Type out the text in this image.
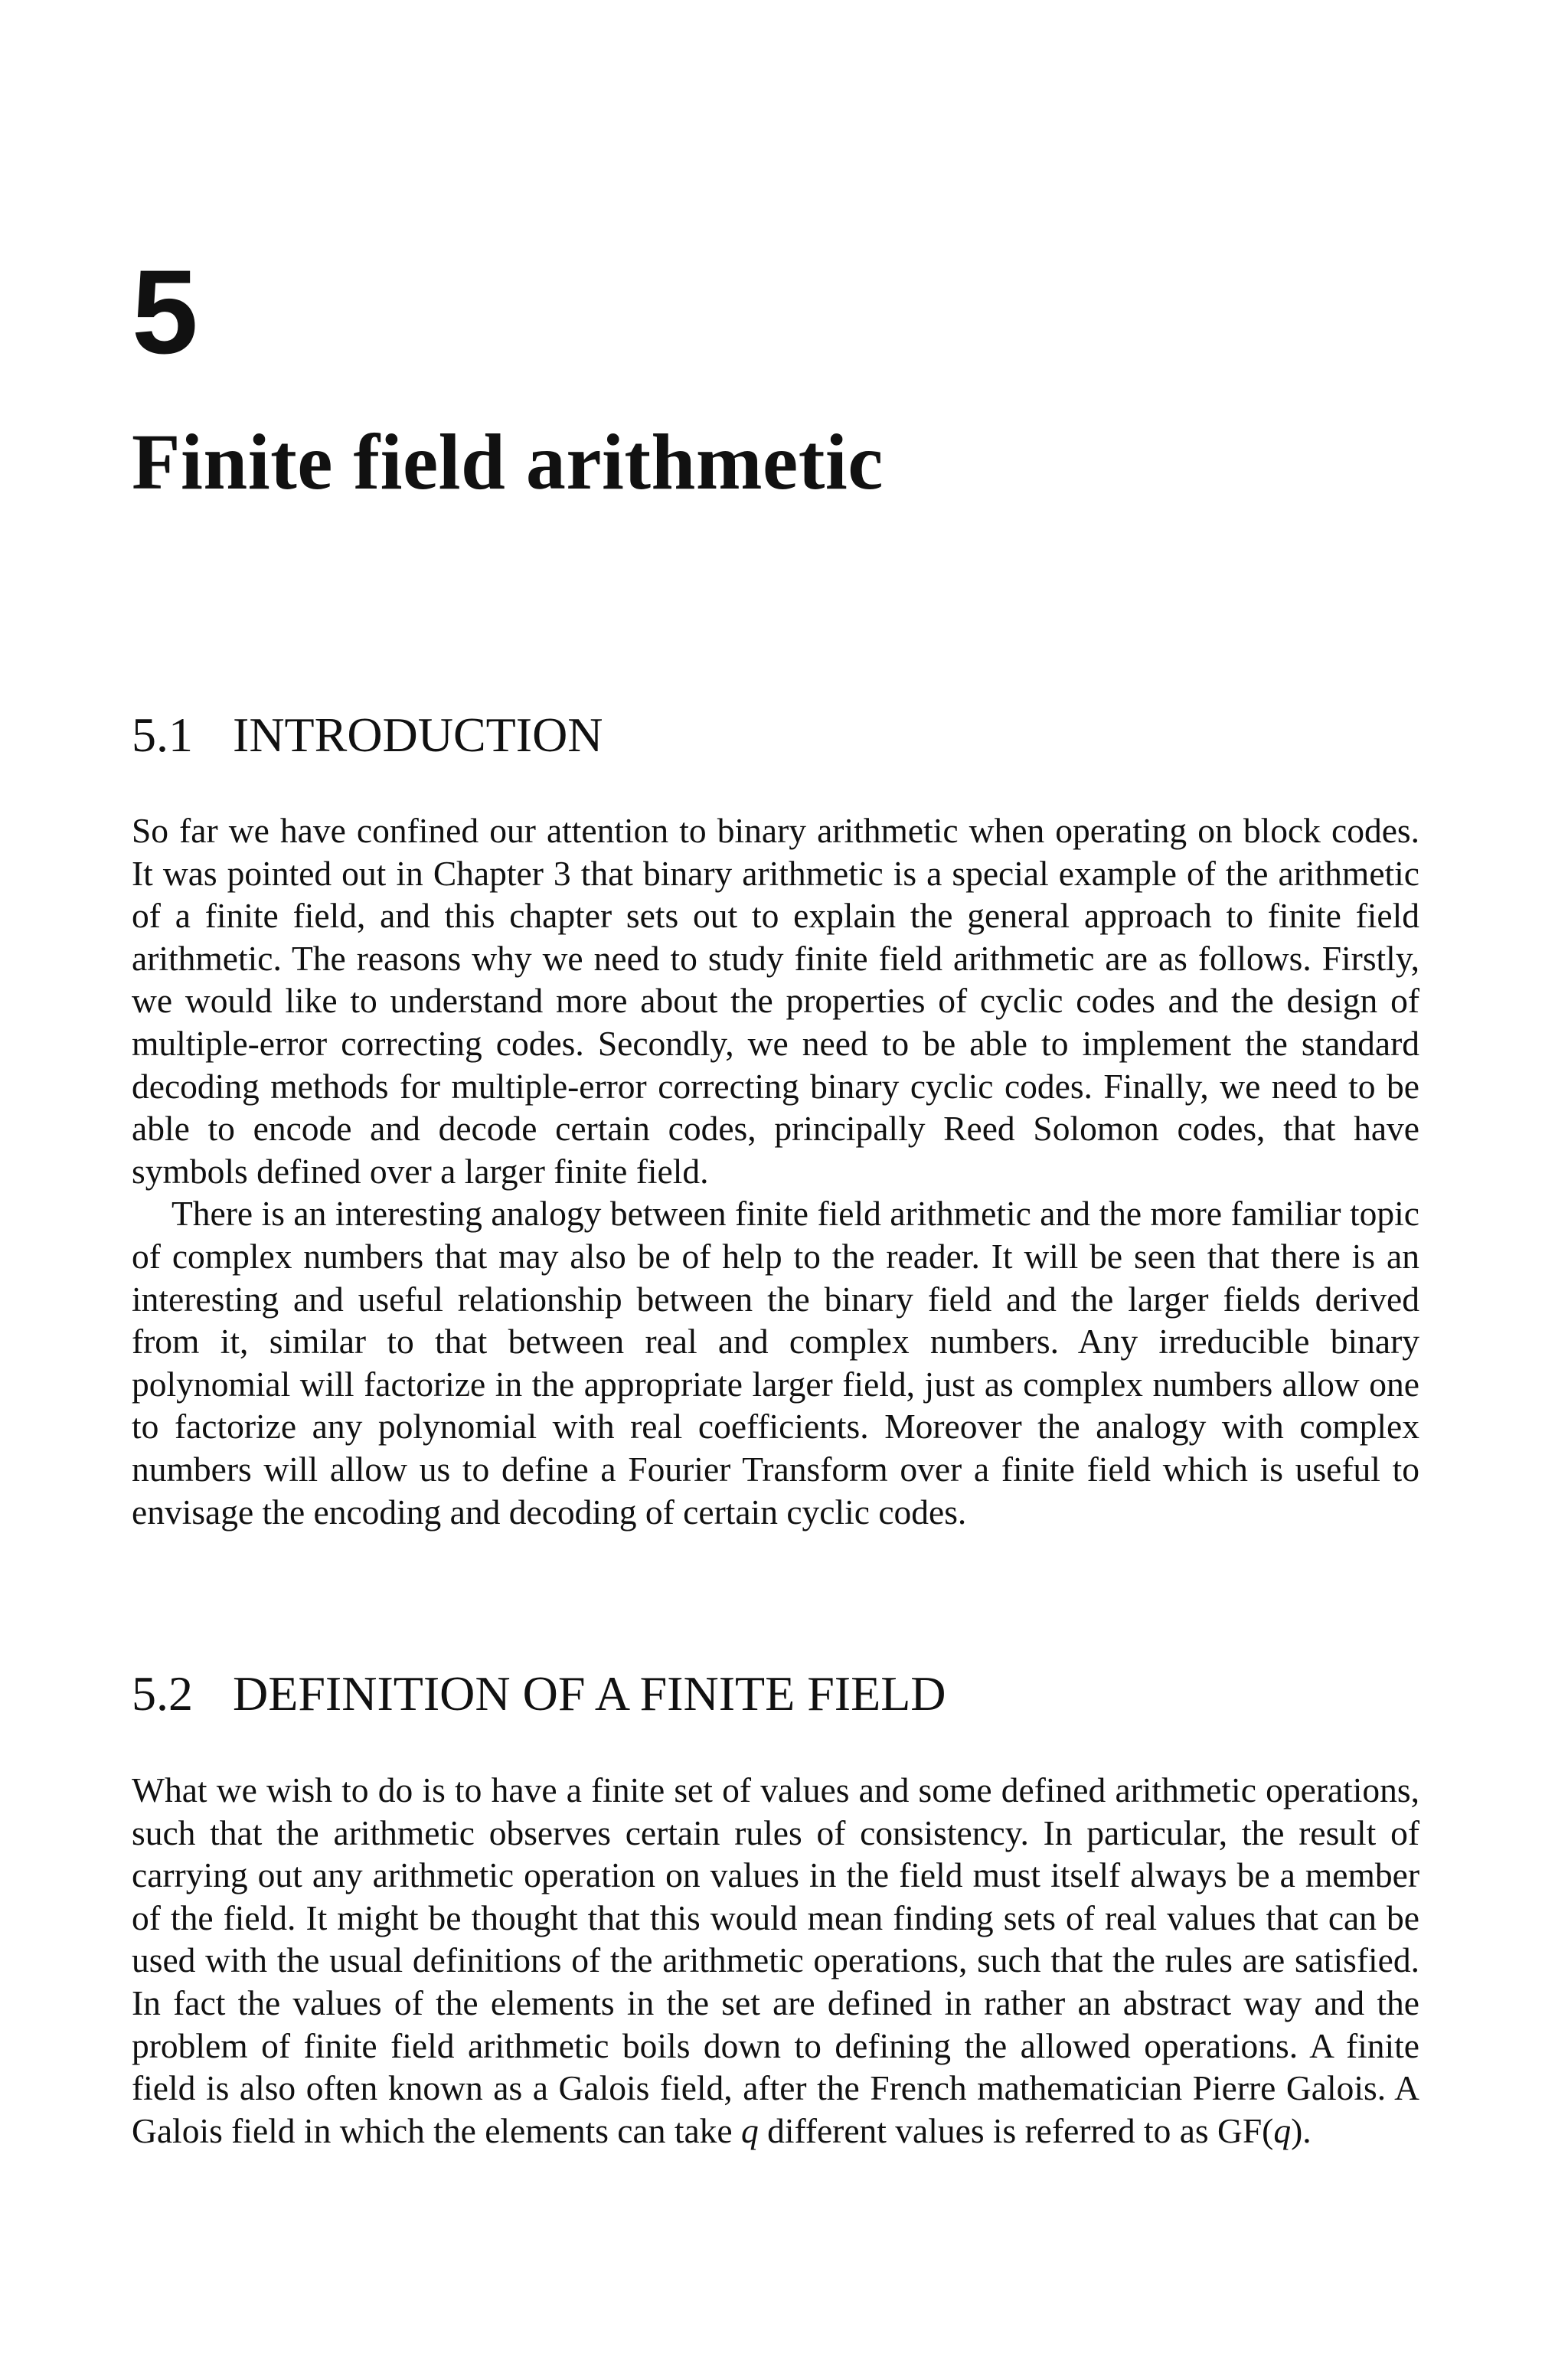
5
Finite field arithmetic
5.1 INTRODUCTION

So far we have confined our attention to binary arithmetic when operating on block codes. It was pointed out in Chapter 3 that binary arithmetic is a special example of the arithmetic of a finite field, and this chapter sets out to explain the general approach to finite field arithmetic. The reasons why we need to study finite field arithmetic are as follows. Firstly, we would like to understand more about the properties of cyclic codes and the design of multiple-error correcting codes. Secondly, we need to be able to implement the standard decoding methods for multiple-error correcting binary cyclic codes. Finally, we need to be able to encode and decode certain codes, principally Reed Solomon codes, that have symbols defined over a larger finite field.

There is an interesting analogy between finite field arithmetic and the more familiar topic of complex numbers that may also be of help to the reader. It will be seen that there is an interesting and useful relationship between the binary field and the larger fields derived from it, similar to that between real and complex numbers. Any irreducible binary polynomial will factorize in the appropriate larger field, just as complex numbers allow one to factorize any polynomial with real coefficients. Moreover the analogy with complex numbers will allow us to define a Fourier Transform over a finite field which is useful to envisage the encoding and decoding of certain cyclic codes.

5.2 DEFINITION OF A FINITE FIELD

What we wish to do is to have a finite set of values and some defined arithmetic operations, such that the arithmetic observes certain rules of consistency. In particular, the result of carrying out any arithmetic operation on values in the field must itself always be a member of the field. It might be thought that this would mean finding sets of real values that can be used with the usual definitions of the arithmetic operations, such that the rules are satisfied. In fact the values of the elements in the set are defined in rather an abstract way and the problem of finite field arithmetic boils down to defining the allowed operations. A finite field is also often known as a Galois field, after the French mathematician Pierre Galois. A Galois field in which the elements can take q different values is referred to as GF(q).
